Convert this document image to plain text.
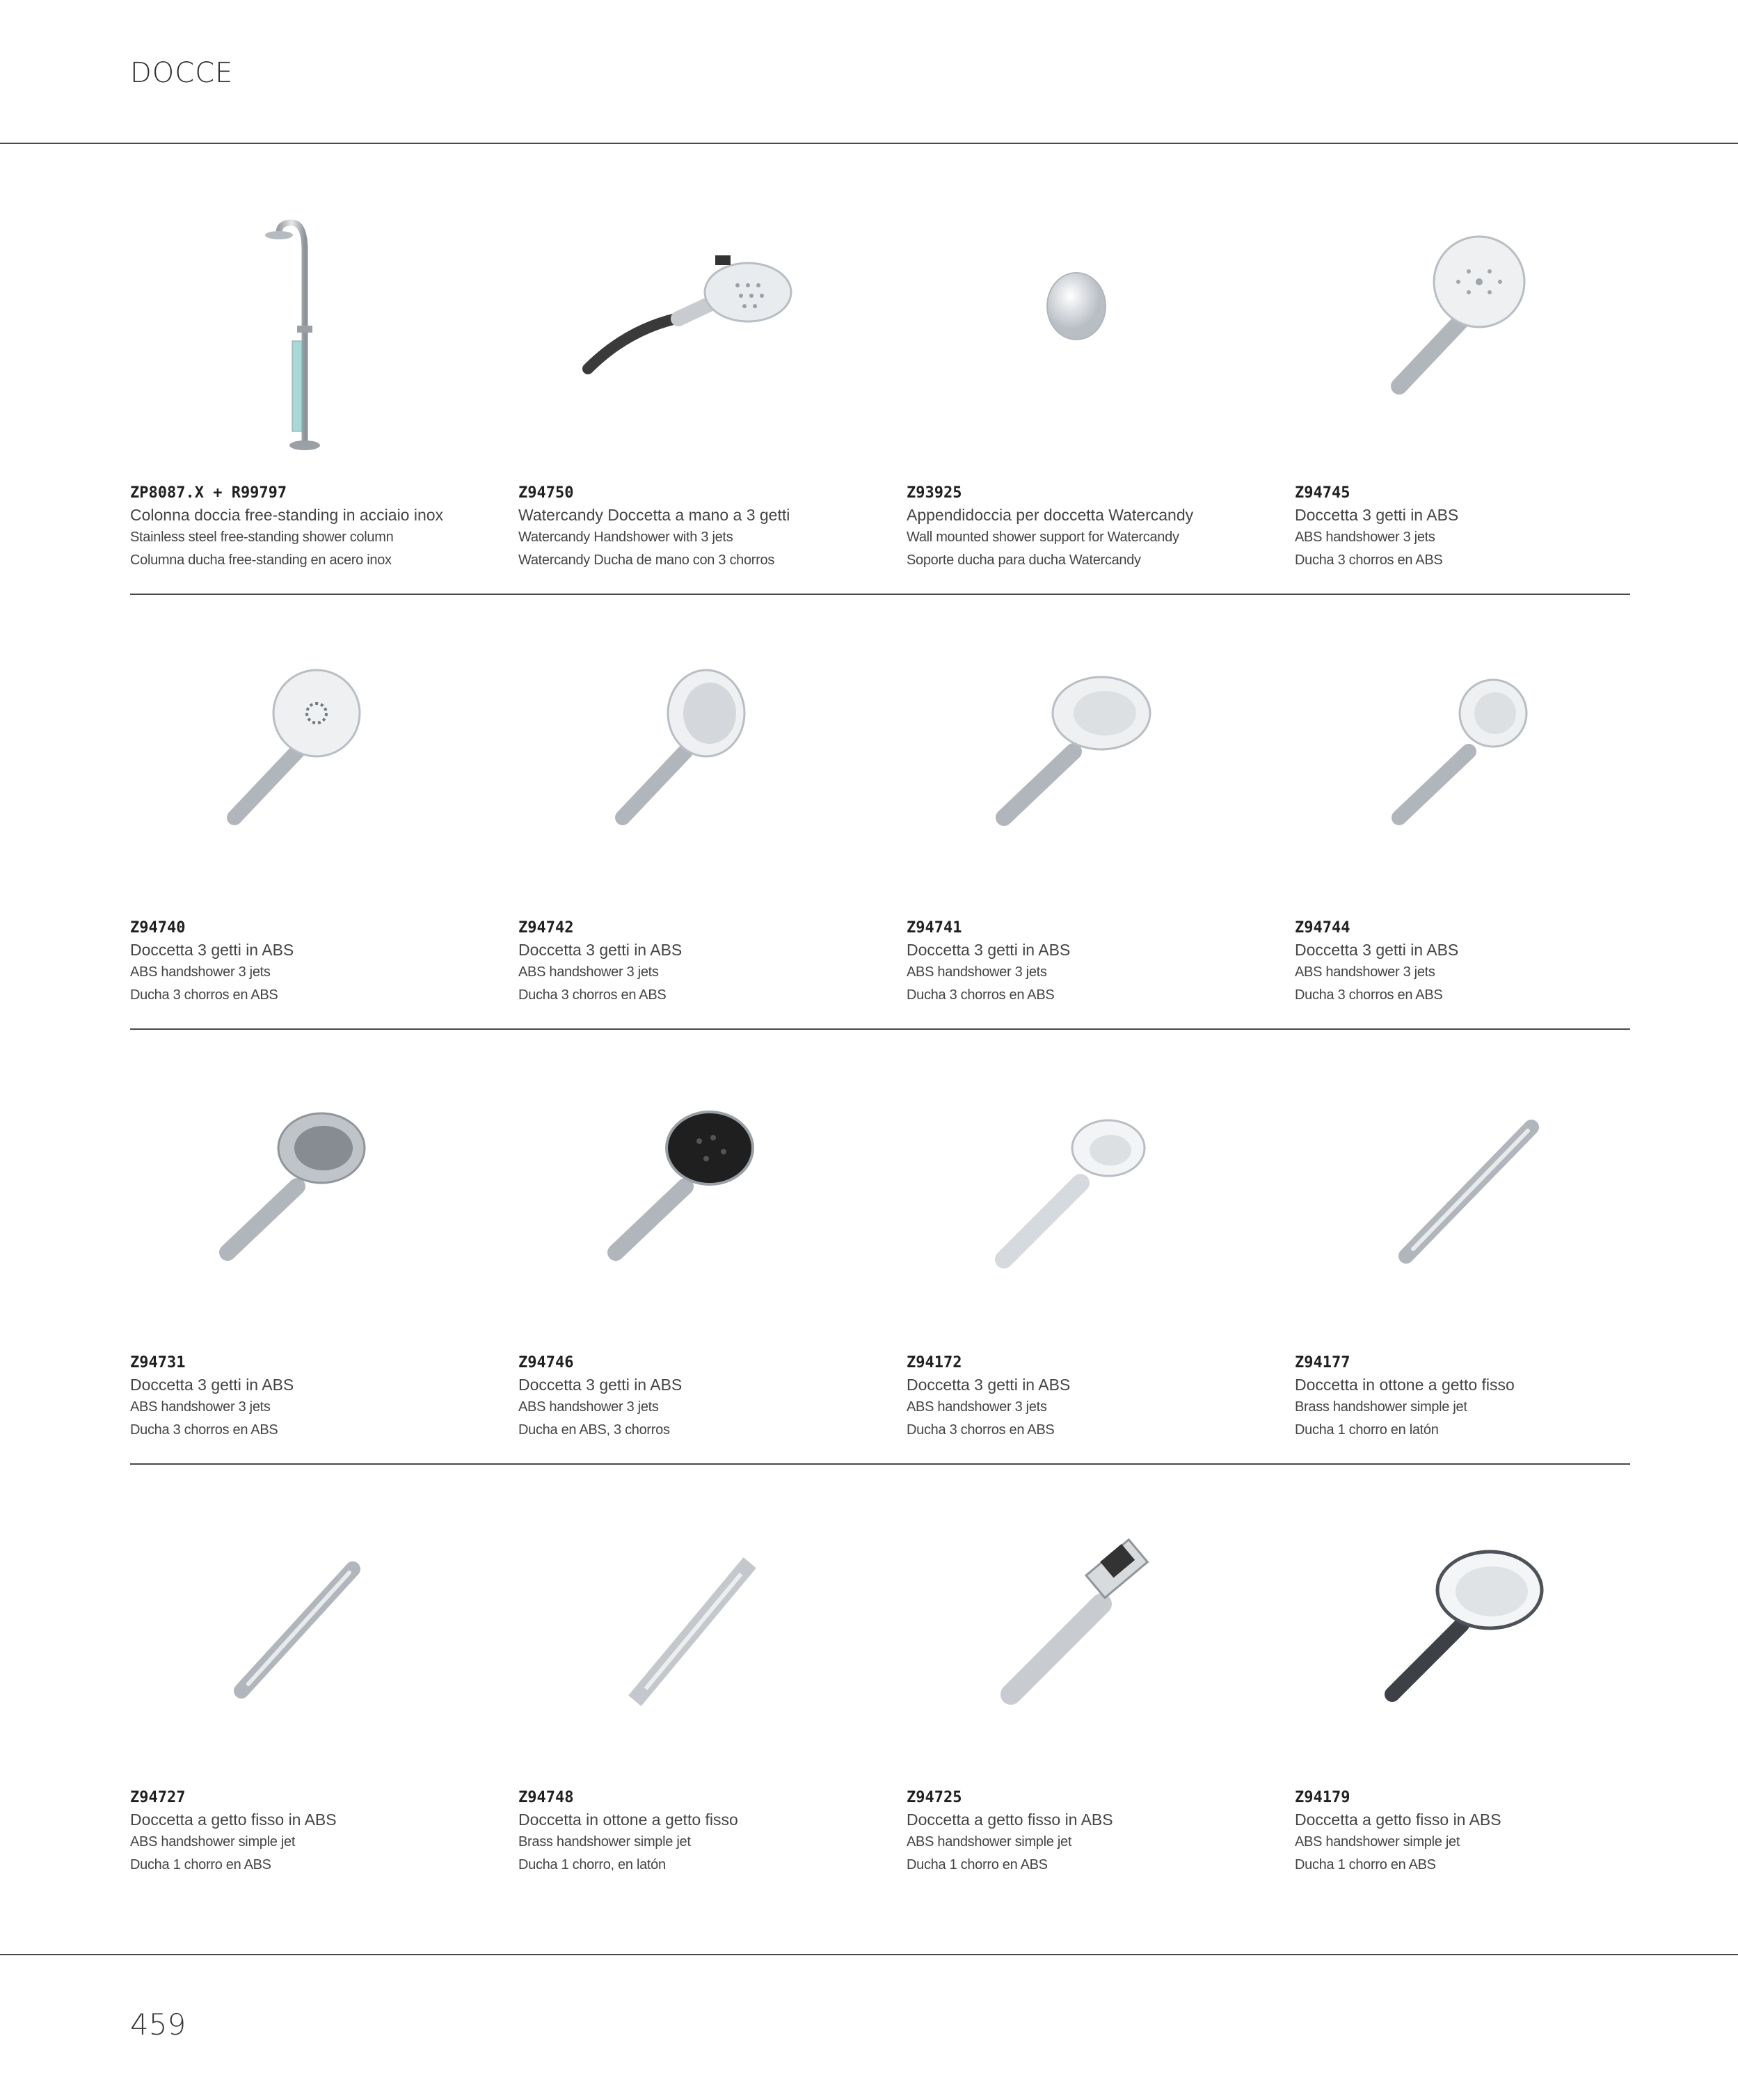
DOCCE
ZP8087.X + R99797
Colonna doccia free-standing in acciaio inox
Stainless steel free-standing shower column
Columna ducha free-standing en acero inox
Z94750
Watercandy Doccetta a mano a 3 getti
Watercandy Handshower with 3 jets
Watercandy Ducha de mano con 3 chorros
Z93925
Appendidoccia per doccetta Watercandy
Wall mounted shower support for Watercandy
Soporte ducha para ducha Watercandy
Z94745
Doccetta 3 getti in ABS
ABS handshower 3 jets
Ducha 3 chorros en ABS
Z94740
Doccetta 3 getti in ABS
ABS handshower 3 jets
Ducha 3 chorros en ABS
Z94742
Doccetta 3 getti in ABS
ABS handshower 3 jets
Ducha 3 chorros en ABS
Z94741
Doccetta 3 getti in ABS
ABS handshower 3 jets
Ducha 3 chorros en ABS
Z94744
Doccetta 3 getti in ABS
ABS handshower 3 jets
Ducha 3 chorros en ABS
Z94731
Doccetta 3 getti in ABS
ABS handshower 3 jets
Ducha 3 chorros en ABS
Z94746
Doccetta 3 getti in ABS
ABS handshower 3 jets
Ducha en ABS, 3 chorros
Z94172
Doccetta 3 getti in ABS
ABS handshower 3 jets
Ducha 3 chorros en ABS
Z94177
Doccetta in ottone a getto fisso
Brass handshower simple jet
Ducha 1 chorro en latón
Z94727
Doccetta a getto fisso in ABS
ABS handshower simple jet
Ducha 1 chorro en ABS
Z94748
Doccetta in ottone a getto fisso
Brass handshower simple jet
Ducha 1 chorro, en latón
Z94725
Doccetta a getto fisso in ABS
ABS handshower simple jet
Ducha 1 chorro en ABS
Z94179
Doccetta a getto fisso in ABS
ABS handshower simple jet
Ducha 1 chorro en ABS
459
